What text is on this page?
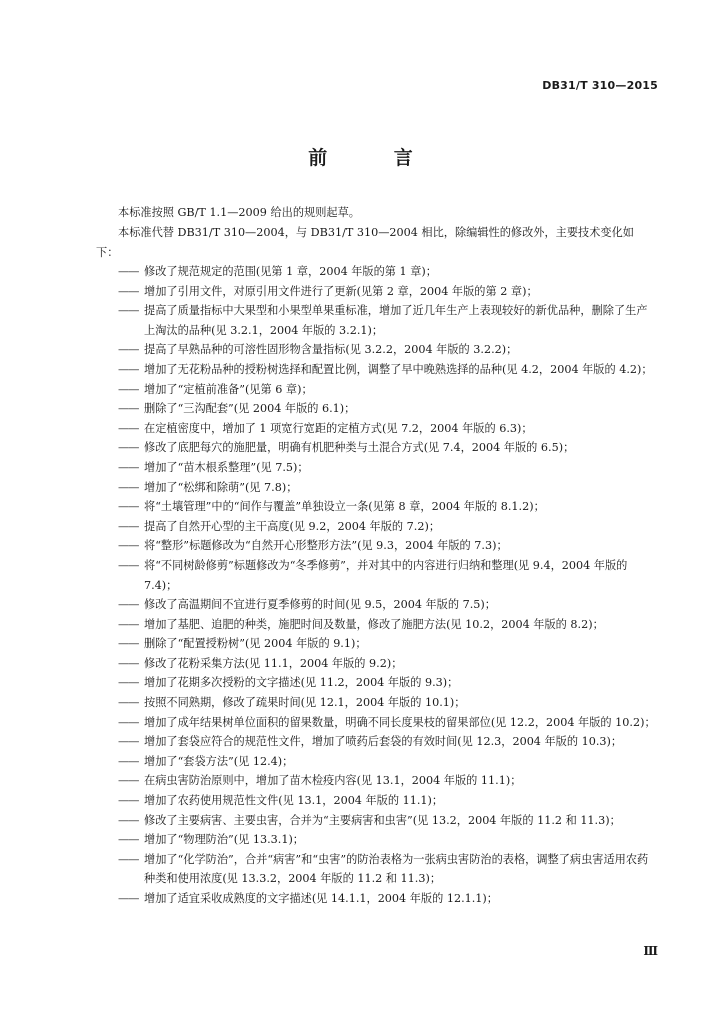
DB31/T 310—2015
前 言

本标准按照 GB/T 1.1—2009 给出的规则起草。

本标准代替 DB31/T 310—2004，与 DB31/T 310—2004 相比，除编辑性的修改外，主要技术变化如下：

—— 修改了规范规定的范围(见第 1 章，2004 年版的第 1 章)；
—— 增加了引用文件，对原引用文件进行了更新(见第 2 章，2004 年版的第 2 章)；
—— 提高了质量指标中大果型和小果型单果重标准，增加了近几年生产上表现较好的新优品种，删除了生产上淘汰的品种(见 3.2.1，2004 年版的 3.2.1)；
—— 提高了早熟品种的可溶性固形物含量指标(见 3.2.2，2004 年版的 3.2.2)；
—— 增加了无花粉品种的授粉树选择和配置比例，调整了早中晚熟选择的品种(见 4.2，2004 年版的 4.2)；
—— 增加了“定植前准备”(见第 6 章)；
—— 删除了“三沟配套”(见 2004 年版的 6.1)；
—— 在定植密度中，增加了 1 项宽行宽距的定植方式(见 7.2，2004 年版的 6.3)；
—— 修改了底肥每穴的施肥量，明确有机肥种类与土混合方式(见 7.4，2004 年版的 6.5)；
—— 增加了“苗木根系整理”(见 7.5)；
—— 增加了“松绑和除萌”(见 7.8)；
—— 将“土壤管理”中的“间作与覆盖”单独设立一条(见第 8 章，2004 年版的 8.1.2)；
—— 提高了自然开心型的主干高度(见 9.2，2004 年版的 7.2)；
—— 将“整形”标题修改为“自然开心形整形方法”(见 9.3，2004 年版的 7.3)；
—— 将“不同树龄修剪”标题修改为“冬季修剪”，并对其中的内容进行归纳和整理(见 9.4，2004 年版的 7.4)；
—— 修改了高温期间不宜进行夏季修剪的时间(见 9.5，2004 年版的 7.5)；
—— 增加了基肥、追肥的种类，施肥时间及数量，修改了施肥方法(见 10.2，2004 年版的 8.2)；
—— 删除了“配置授粉树”(见 2004 年版的 9.1)；
—— 修改了花粉采集方法(见 11.1，2004 年版的 9.2)；
—— 增加了花期多次授粉的文字描述(见 11.2，2004 年版的 9.3)；
—— 按照不同熟期，修改了疏果时间(见 12.1，2004 年版的 10.1)；
—— 增加了成年结果树单位面积的留果数量，明确不同长度果枝的留果部位(见 12.2，2004 年版的 10.2)；
—— 增加了套袋应符合的规范性文件，增加了喷药后套袋的有效时间(见 12.3，2004 年版的 10.3)；
—— 增加了“套袋方法”(见 12.4)；
—— 在病虫害防治原则中，增加了苗木检疫内容(见 13.1，2004 年版的 11.1)；
—— 增加了农药使用规范性文件(见 13.1，2004 年版的 11.1)；
—— 修改了主要病害、主要虫害，合并为“主要病害和虫害”(见 13.2，2004 年版的 11.2 和 11.3)；
—— 增加了“物理防治”(见 13.3.1)；
—— 增加了“化学防治”，合并“病害”和“虫害”的防治表格为一张病虫害防治的表格，调整了病虫害适用农药种类和使用浓度(见 13.3.2，2004 年版的 11.2 和 11.3)；
—— 增加了适宜采收成熟度的文字描述(见 14.1.1，2004 年版的 12.1.1)；
Ⅲ
